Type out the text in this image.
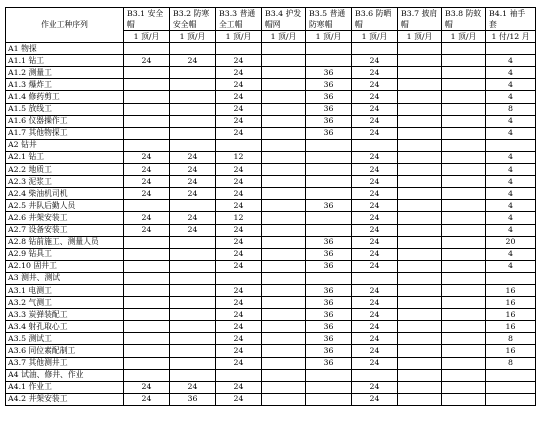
作业工种序列	B3.1 安全帽	B3.2 防寒安全帽	B3.3 普通全工帽	B3.4 护发帽网	B3.5 普通防寒帽	B3.6 防晒帽	B3.7 披肩帽	B3.8 防蚊帽	B4.1 袖手套
	1 顶/月	1 顶/月	1 顶/月	1 顶/月	1 顶/月	1 顶/月	1 顶/月	1 顶/月	1 付/12 月
A1 物探									
A1.1 钻工	24	24	24			24			4
A1.2 测量工			24		36	24			4
A1.3 爆炸工			24		36	24			4
A1.4 修药剪工			24		36	24			4
A1.5 放线工			24		36	24			8
A1.6 仪器操作工			24		36	24			4
A1.7 其他物探工			24		36	24			4
A2 钻井									
A2.1 钻工	24	24	12			24			4
A2.2 地质工	24	24	24			24			4
A2.3 泥浆工	24	24	24			24			4
A2.4 柴油机司机	24	24	24			24			4
A2.5 井队后勤人员			24		36	24			4
A2.6 井架安装工	24	24	12			24			4
A2.7 设备安装工	24	24	24			24			4
A2.8 钻前施工、测量人员			24		36	24			20
A2.9 钻具工			24		36	24			4
A2.10 固井工			24		36	24			4
A3 测井、测试									
A3.1 电测工			24		36	24			16
A3.2 气测工			24		36	24			16
A3.3 炭弹装配工			24		36	24			16
A3.4 射孔取心工			24		36	24			16
A3.5 测试工			24		36	24			8
A3.6 同位素配制工			24		36	24			16
A3.7 其他测井工			24		36	24			8
A4 试油、修井、作业									
A4.1 作业工	24	24	24			24			
A4.2 井架安装工	24	36	24			24			
